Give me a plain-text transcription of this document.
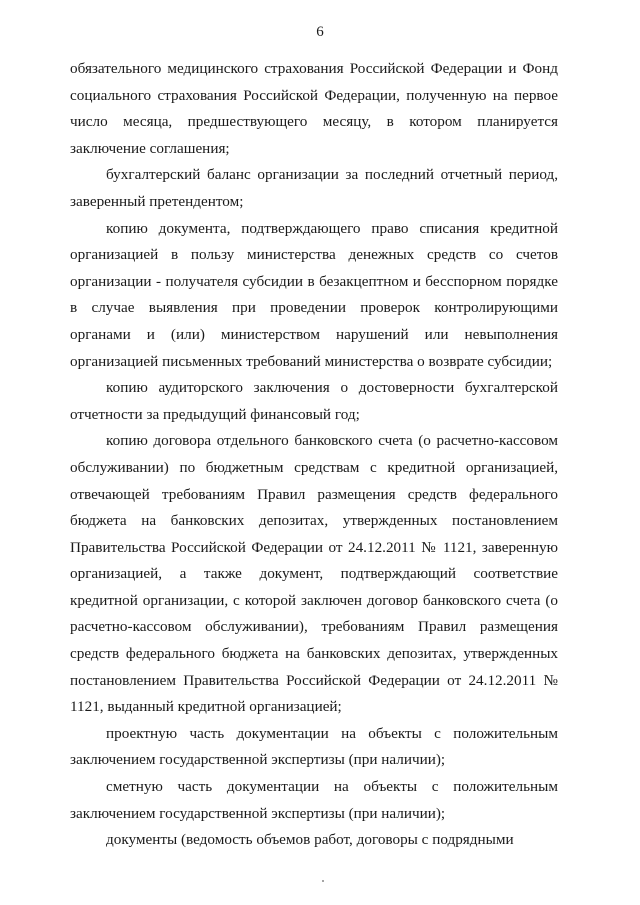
6

обязательного медицинского страхования Российской Федерации и Фонд социального страхования Российской Федерации, полученную на первое число месяца, предшествующего месяцу, в котором планируется заключение соглашения;

бухгалтерский баланс организации за последний отчетный период, заверенный претендентом;

копию документа, подтверждающего право списания кредитной организацией в пользу министерства денежных средств со счетов организации - получателя субсидии в безакцептном и бесспорном порядке в случае выявления при проведении проверок контролирующими органами и (или) министерством нарушений или невыполнения организацией письменных требований министерства о возврате субсидии;

копию аудиторского заключения о достоверности бухгалтерской отчетности за предыдущий финансовый год;

копию договора отдельного банковского счета (о расчетно-кассовом обслуживании) по бюджетным средствам с кредитной организацией, отвечающей требованиям Правил размещения средств федерального бюджета на банковских депозитах, утвержденных постановлением Правительства Российской Федерации от 24.12.2011 № 1121, заверенную организацией, а также документ, подтверждающий соответствие кредитной организации, с которой заключен договор банковского счета (о расчетно-кассовом обслуживании), требованиям Правил размещения средств федерального бюджета на банковских депозитах, утвержденных постановлением Правительства Российской Федерации от 24.12.2011 № 1121, выданный кредитной организацией;

проектную часть документации на объекты с положительным заключением государственной экспертизы (при наличии);

сметную часть документации на объекты с положительным заключением государственной экспертизы (при наличии);

документы (ведомость объемов работ, договоры с подрядными
